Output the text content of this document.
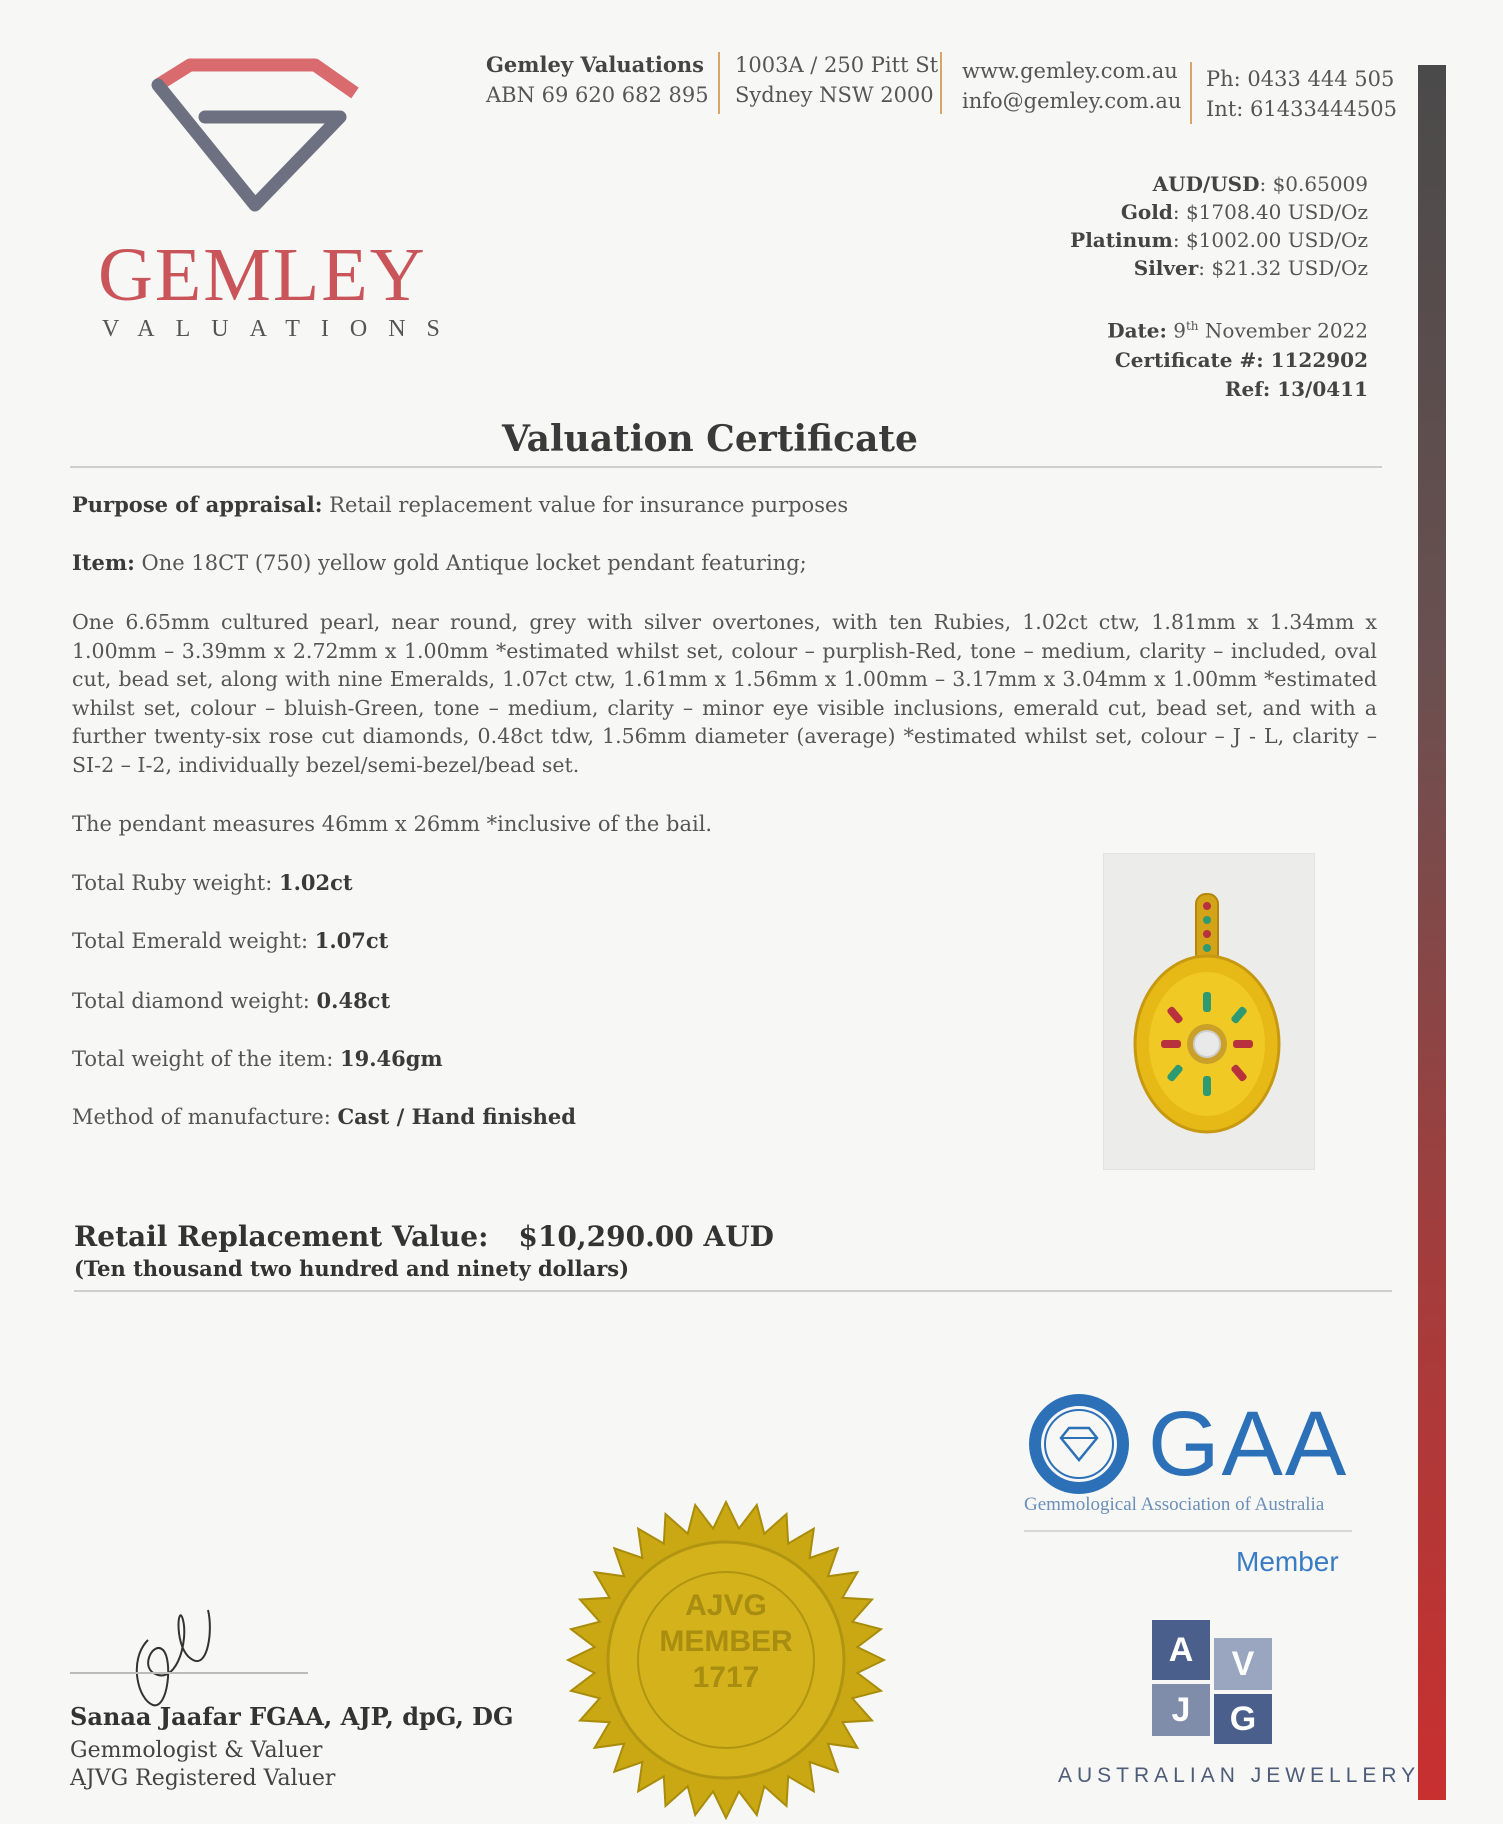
GEMLEY
VALUATIONS
Gemley Valuations
ABN 69 620 682 895
1003A / 250 Pitt St
Sydney NSW 2000
www.gemley.com.au
info@gemley.com.au
Ph: 0433 444 505
Int: 61433444505
AUD/USD: $0.65009
Gold: $1708.40 USD/Oz
Platinum: $1002.00 USD/Oz
Silver: $21.32 USD/Oz
Date: 9th November 2022
Certificate #: 1122902
Ref: 13/0411
Valuation Certificate
Purpose of appraisal: Retail replacement value for insurance purposes
Item: One 18CT (750) yellow gold Antique locket pendant featuring;
One 6.65mm cultured pearl, near round, grey with silver overtones, with ten Rubies, 1.02ct ctw, 1.81mm x 1.34mm x 1.00mm – 3.39mm x 2.72mm x 1.00mm *estimated whilst set, colour – purplish-Red, tone – medium, clarity – included, oval cut, bead set, along with nine Emeralds, 1.07ct ctw, 1.61mm x 1.56mm x 1.00mm – 3.17mm x 3.04mm x 1.00mm *estimated whilst set, colour – bluish-Green, tone – medium, clarity – minor eye visible inclusions, emerald cut, bead set, and with a further twenty-six rose cut diamonds, 0.48ct tdw, 1.56mm diameter (average) *estimated whilst set, colour – J - L, clarity – SI-2 – I-2, individually bezel/semi-bezel/bead set.
The pendant measures 46mm x 26mm *inclusive of the bail.
Total Ruby weight: 1.02ct
Total Emerald weight: 1.07ct
Total diamond weight: 0.48ct
Total weight of the item: 19.46gm
Method of manufacture: Cast / Hand finished
Retail Replacement Value: $10,290.00 AUD
(Ten thousand two hundred and ninety dollars)
GAA
Gemmological Association of Australia
Member
AJVG
MEMBER
1717
A	V
J	G
AUSTRALIAN JEWELLERY
Sanaa Jaafar FGAA, AJP, dpG, DG
Gemmologist & Valuer
AJVG Registered Valuer
